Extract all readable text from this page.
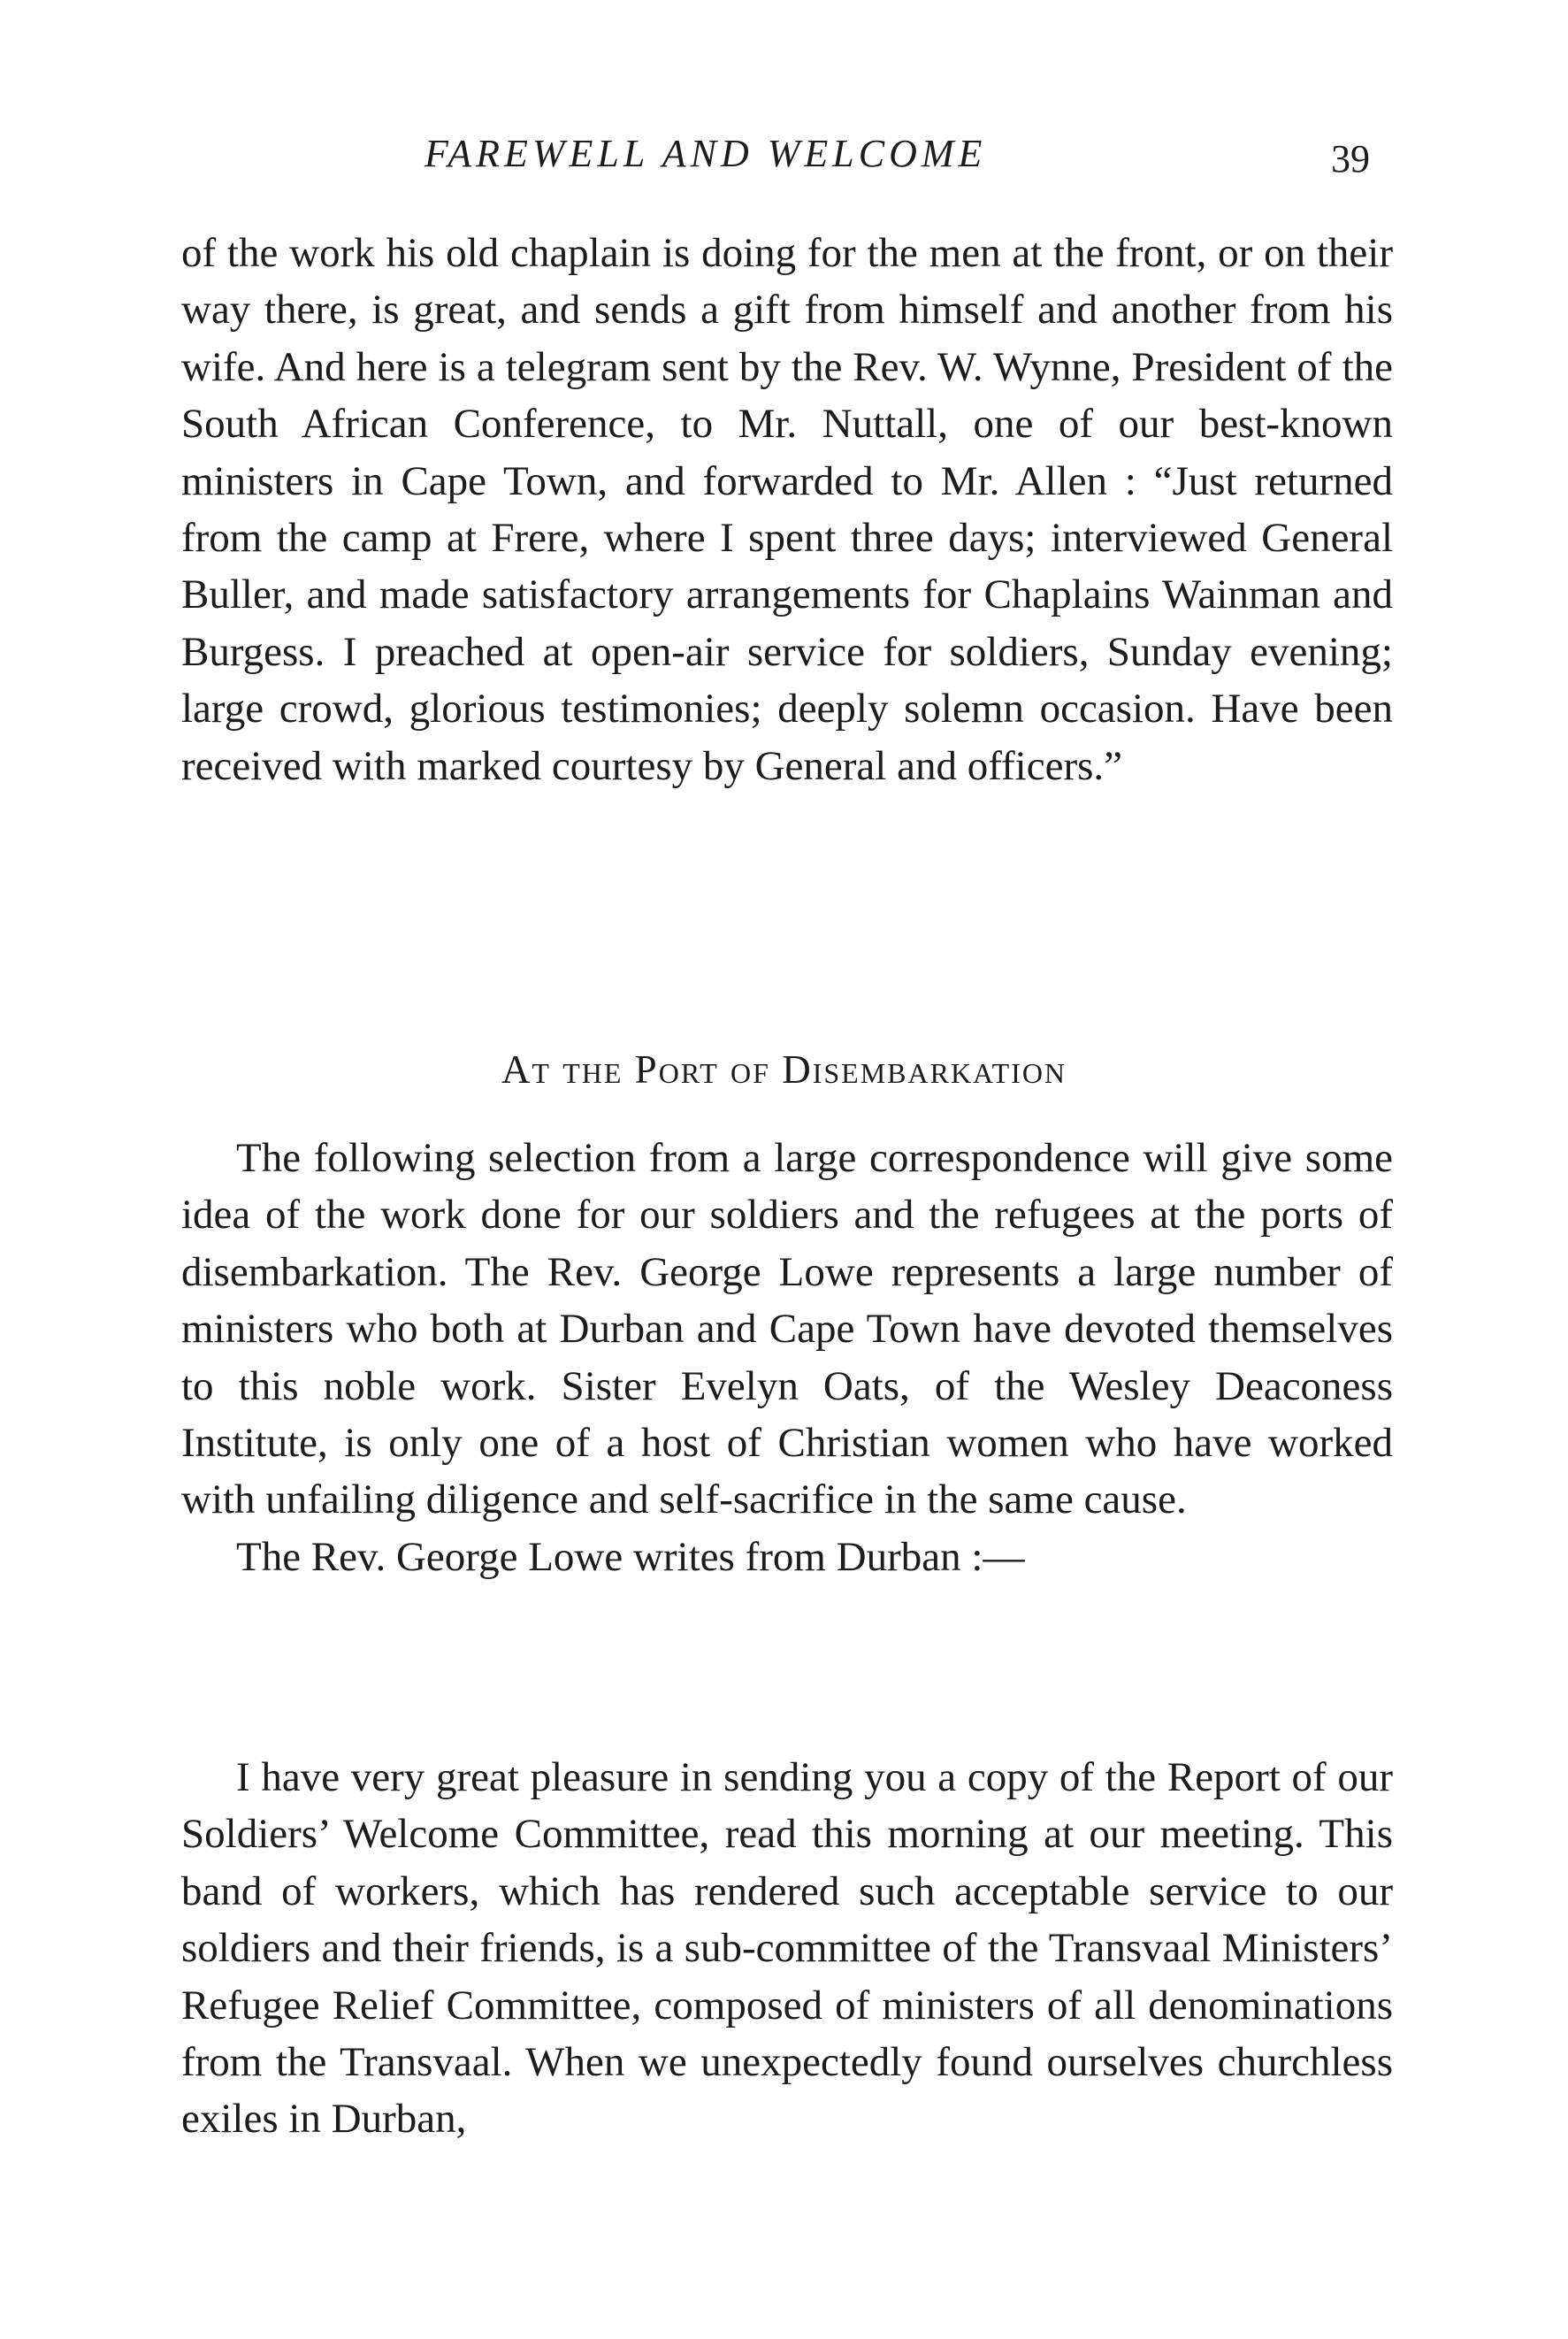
FAREWELL AND WELCOME	39

of the work his old chaplain is doing for the men at the front, or on their way there, is great, and sends a gift from himself and another from his wife. And here is a telegram sent by the Rev. W. Wynne, President of the South African Conference, to Mr. Nuttall, one of our best-known ministers in Cape Town, and forwarded to Mr. Allen : “Just returned from the camp at Frere, where I spent three days; interviewed General Buller, and made satisfactory arrangements for Chaplains Wainman and Burgess. I preached at open-air service for soldiers, Sunday evening; large crowd, glorious testimonies; deeply solemn occasion. Have been received with marked courtesy by General and officers.”

At the Port of Disembarkation

The following selection from a large correspondence will give some idea of the work done for our soldiers and the refugees at the ports of disembarkation. The Rev. George Lowe represents a large number of ministers who both at Durban and Cape Town have devoted themselves to this noble work. Sister Evelyn Oats, of the Wesley Deaconess Institute, is only one of a host of Christian women who have worked with unfailing diligence and self-sacrifice in the same cause.

The Rev. George Lowe writes from Durban :—

I have very great pleasure in sending you a copy of the Report of our Soldiers’ Welcome Committee, read this morning at our meeting. This band of workers, which has rendered such acceptable service to our soldiers and their friends, is a sub-committee of the Transvaal Ministers’ Refugee Relief Committee, composed of ministers of all denominations from the Transvaal. When we unexpectedly found ourselves churchless exiles in Durban,
